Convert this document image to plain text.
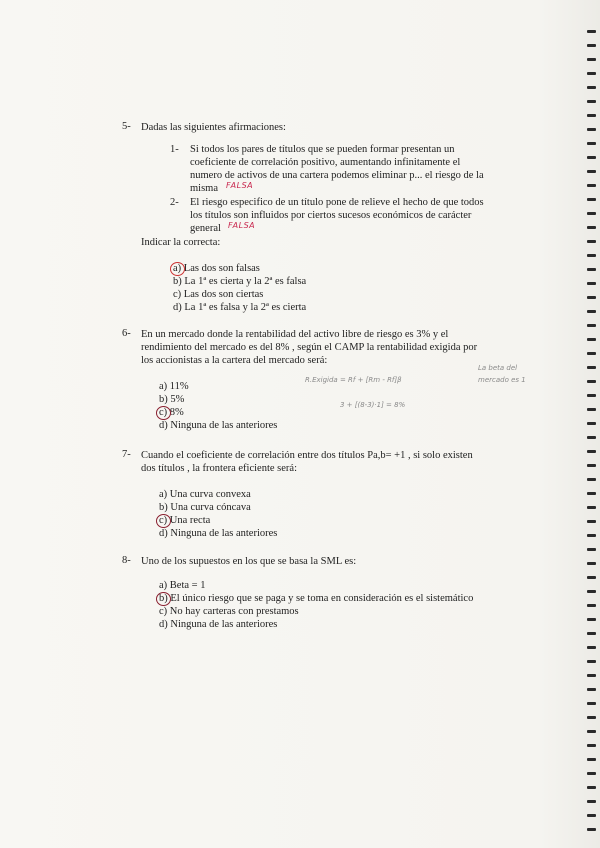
5- Dadas las siguientes afirmaciones:
1- Si todos los pares de títulos que se pueden formar presentan un
coeficiente de correlación positivo, aumentando infinitamente el
numero de activos de una cartera podemos eliminar p... el riesgo de la
misma FALSA
2- El riesgo especifico de un título pone de relieve el hecho de que todos
los títulos son influidos por ciertos sucesos económicos de carácter
general FALSA
Indicar la correcta:
a) Las dos son falsas
b) La 1ª es cierta y la 2ª es falsa
c) Las dos son ciertas
d) La 1ª es falsa y la 2ª es cierta
6- En un mercado donde la rentabilidad del activo libre de riesgo es 3% y el
rendimiento del mercado es del 8% , según el CAMP la rentabilidad exigida por
los accionistas a la cartera del mercado será:
a) 11%
b) 5%
c) 8%
d) Ninguna de las anteriores
R.Exigida = Rf + [Rm - Rf]β
La beta del
mercado es 1
3 + [(8-3)·1] = 8%
7- Cuando el coeficiente de correlación entre dos títulos Pa,b= +1 , si solo existen
dos títulos , la frontera eficiente será:
a) Una curva convexa
b) Una curva cóncava
c) Una recta
d) Ninguna de las anteriores
8- Uno de los supuestos en los que se basa la SML es:
a) Beta = 1
b) El único riesgo que se paga y se toma en consideración es el sistemático
c) No hay carteras con prestamos
d) Ninguna de las anteriores
